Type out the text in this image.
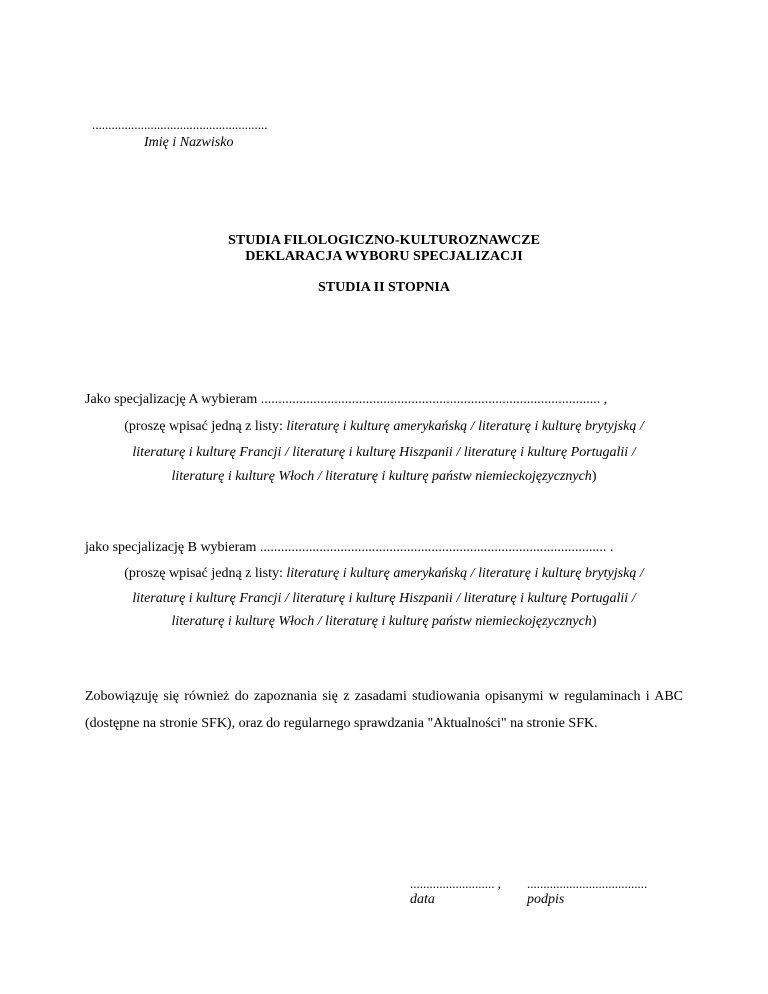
......................................................
Imię i Nazwisko
STUDIA FILOLOGICZNO-KULTUROZNAWCZE
DEKLARACJA WYBORU SPECJALIZACJI
STUDIA II STOPNIA
Jako specjalizację A wybieram ................................................................................................. ,
(proszę wpisać jedną z listy: literaturę i kulturę amerykańską / literaturę i kulturę brytyjską /
literaturę i kulturę Francji / literaturę i kulturę Hiszpanii / literaturę i kulturę Portugalii /
literaturę i kulturę Włoch / literaturę i kulturę państw niemieckojęzycznych)
jako specjalizację B wybieram ................................................................................................... .
(proszę wpisać jedną z listy: literaturę i kulturę amerykańską / literaturę i kulturę brytyjską /
literaturę i kulturę Francji / literaturę i kulturę Hiszpanii / literaturę i kulturę Portugalii /
literaturę i kulturę Włoch / literaturę i kulturę państw niemieckojęzycznych)
Zobowiązuję się również do zapoznania się z zasadami studiowania opisanymi w regulaminach i ABC (dostępne na stronie SFK), oraz do regularnego sprawdzania "Aktualności" na stronie SFK.
.......................... , .....................................
data	podpis
